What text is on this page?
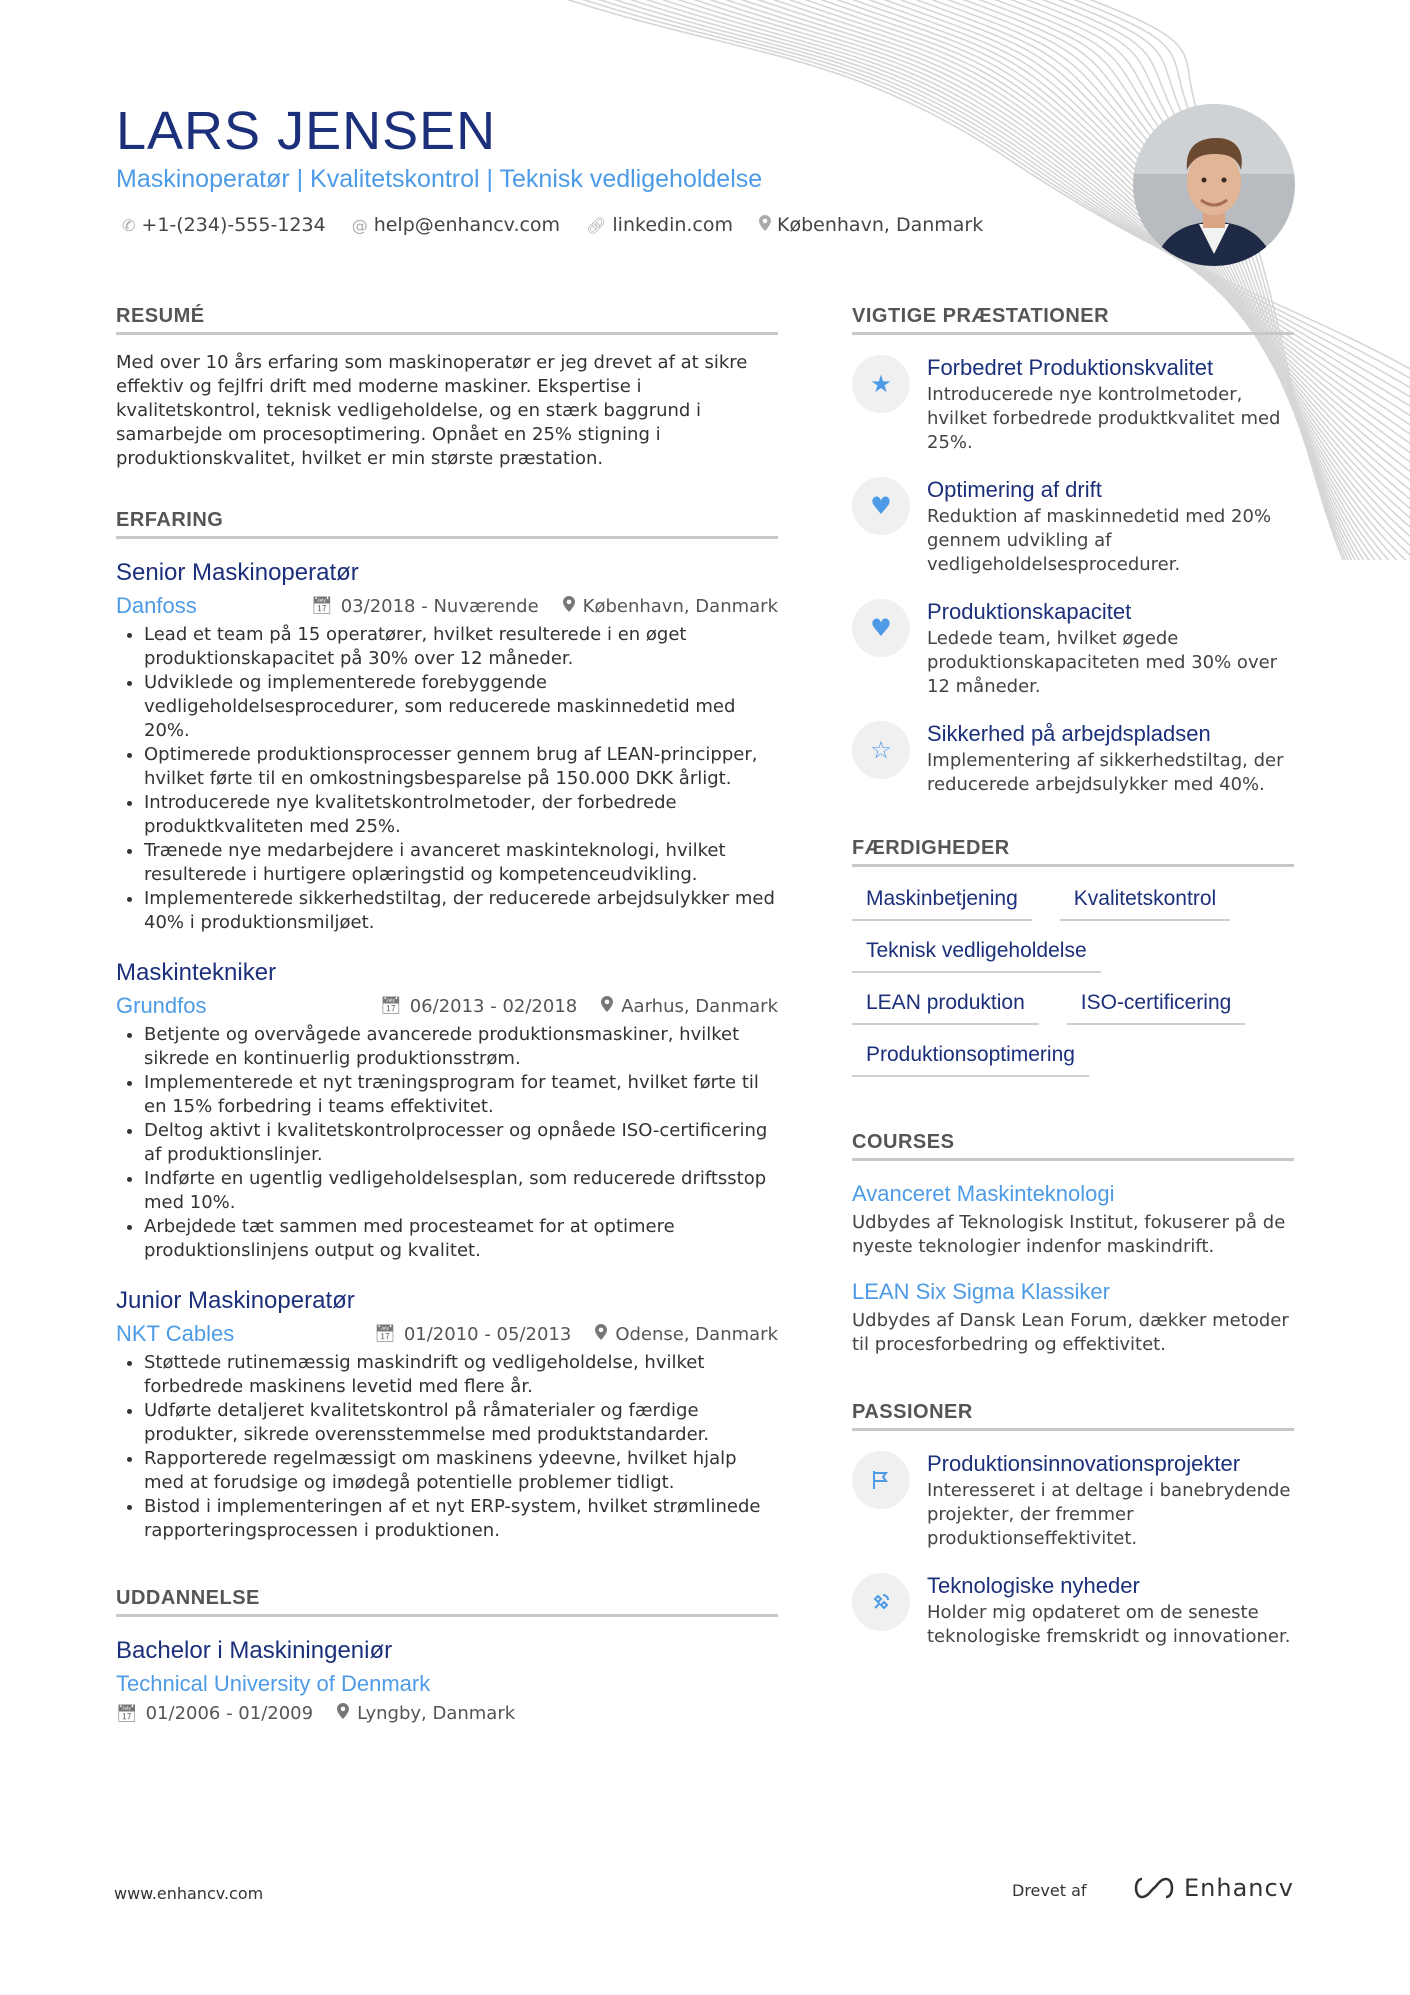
LARS JENSEN
Maskinoperatør | Kvalitetskontrol | Teknisk vedligeholdelse
✆ +1-(234)-555-1234 @ help@enhancv.com 🔗︎ linkedin.com København, Danmark
RESUMÉ
Med over 10 års erfaring som maskinoperatør er jeg drevet af at sikre effektiv og fejlfri drift med moderne maskiner. Ekspertise i kvalitetskontrol, teknisk vedligeholdelse, og en stærk baggrund i samarbejde om procesoptimering. Opnået en 25% stigning i produktionskvalitet, hvilket er min største præstation.
ERFARING
Senior Maskinoperatør
Danfoss	📅︎ 03/2018 - Nuværende København, Danmark
• Lead et team på 15 operatører, hvilket resulterede i en øget produktionskapacitet på 30% over 12 måneder.
• Udviklede og implementerede forebyggende vedligeholdelsesprocedurer, som reducerede maskinnedetid med 20%.
• Optimerede produktionsprocesser gennem brug af LEAN-principper, hvilket førte til en omkostningsbesparelse på 150.000 DKK årligt.
• Introducerede nye kvalitetskontrolmetoder, der forbedrede produktkvaliteten med 25%.
• Trænede nye medarbejdere i avanceret maskinteknologi, hvilket resulterede i hurtigere oplæringstid og kompetenceudvikling.
• Implementerede sikkerhedstiltag, der reducerede arbejdsulykker med 40% i produktionsmiljøet.
Maskintekniker
Grundfos	📅︎ 06/2013 - 02/2018 Aarhus, Danmark
• Betjente og overvågede avancerede produktionsmaskiner, hvilket sikrede en kontinuerlig produktionsstrøm.
• Implementerede et nyt træningsprogram for teamet, hvilket førte til en 15% forbedring i teams effektivitet.
• Deltog aktivt i kvalitetskontrolprocesser og opnåede ISO-certificering af produktionslinjer.
• Indførte en ugentlig vedligeholdelsesplan, som reducerede driftsstop med 10%.
• Arbejdede tæt sammen med procesteamet for at optimere produktionslinjens output og kvalitet.
Junior Maskinoperatør
NKT Cables	📅︎ 01/2010 - 05/2013 Odense, Danmark
• Støttede rutinemæssig maskindrift og vedligeholdelse, hvilket forbedrede maskinens levetid med flere år.
• Udførte detaljeret kvalitetskontrol på råmaterialer og færdige produkter, sikrede overensstemmelse med produktstandarder.
• Rapporterede regelmæssigt om maskinens ydeevne, hvilket hjalp med at forudsige og imødegå potentielle problemer tidligt.
• Bistod i implementeringen af et nyt ERP-system, hvilket strømlinede rapporteringsprocessen i produktionen.
UDDANNELSE
Bachelor i Maskiningeniør
Technical University of Denmark
📅︎ 01/2006 - 01/2009 Lyngby, Danmark
VIGTIGE PRÆSTATIONER
★
Forbedret Produktionskvalitet
Introducerede nye kontrolmetoder, hvilket forbedrede produktkvalitet med 25%.
♥
Optimering af drift
Reduktion af maskinnedetid med 20% gennem udvikling af vedligeholdelsesprocedurer.
♥
Produktionskapacitet
Ledede team, hvilket øgede produktionskapaciteten med 30% over 12 måneder.
☆
Sikkerhed på arbejdspladsen
Implementering af sikkerhedstiltag, der reducerede arbejdsulykker med 40%.
FÆRDIGHEDER
Maskinbetjening	Kvalitetskontrol
Teknisk vedligeholdelse
LEAN produktion	ISO-certificering
Produktionsoptimering
COURSES
Avanceret Maskinteknologi
Udbydes af Teknologisk Institut, fokuserer på de nyeste teknologier indenfor maskindrift.
LEAN Six Sigma Klassiker
Udbydes af Dansk Lean Forum, dækker metoder til procesforbedring og effektivitet.
PASSIONER
Produktionsinnovationsprojekter
Interesseret i at deltage i banebrydende projekter, der fremmer produktionseffektivitet.
Teknologiske nyheder
Holder mig opdateret om de seneste teknologiske fremskridt og innovationer.
www.enhancv.com	Drevet af	Enhancv
